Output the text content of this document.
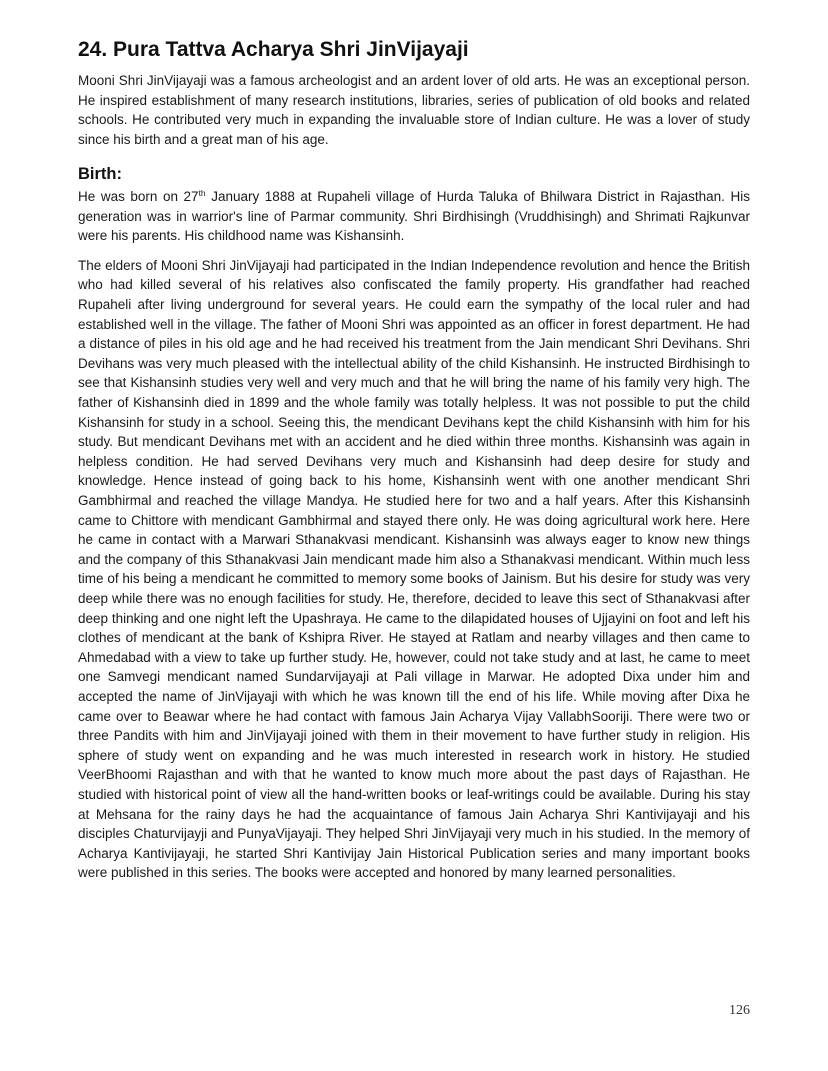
24. Pura Tattva Acharya Shri JinVijayaji

Mooni Shri JinVijayaji was a famous archeologist and an ardent lover of old arts. He was an exceptional person. He inspired establishment of many research institutions, libraries, series of publication of old books and related schools. He contributed very much in expanding the invaluable store of Indian culture. He was a lover of study since his birth and a great man of his age.

Birth:

He was born on 27th January 1888 at Rupaheli village of Hurda Taluka of Bhilwara District in Rajasthan. His generation was in warrior's line of Parmar community. Shri Birdhisingh (Vruddhisingh) and Shrimati Rajkunvar were his parents. His childhood name was Kishansinh.

The elders of Mooni Shri JinVijayaji had participated in the Indian Independence revolution and hence the British who had killed several of his relatives also confiscated the family property. His grandfather had reached Rupaheli after living underground for several years. He could earn the sympathy of the local ruler and had established well in the village. The father of Mooni Shri was appointed as an officer in forest department. He had a distance of piles in his old age and he had received his treatment from the Jain mendicant Shri Devihans. Shri Devihans was very much pleased with the intellectual ability of the child Kishansinh. He instructed Birdhisingh to see that Kishansinh studies very well and very much and that he will bring the name of his family very high. The father of Kishansinh died in 1899 and the whole family was totally helpless. It was not possible to put the child Kishansinh for study in a school. Seeing this, the mendicant Devihans kept the child Kishansinh with him for his study. But mendicant Devihans met with an accident and he died within three months. Kishansinh was again in helpless condition. He had served Devihans very much and Kishansinh had deep desire for study and knowledge. Hence instead of going back to his home, Kishansinh went with one another mendicant Shri Gambhirmal and reached the village Mandya. He studied here for two and a half years. After this Kishansinh came to Chittore with mendicant Gambhirmal and stayed there only. He was doing agricultural work here. Here he came in contact with a Marwari Sthanakvasi mendicant. Kishansinh was always eager to know new things and the company of this Sthanakvasi Jain mendicant made him also a Sthanakvasi mendicant. Within much less time of his being a mendicant he committed to memory some books of Jainism. But his desire for study was very deep while there was no enough facilities for study. He, therefore, decided to leave this sect of Sthanakvasi after deep thinking and one night left the Upashraya. He came to the dilapidated houses of Ujjayini on foot and left his clothes of mendicant at the bank of Kshipra River. He stayed at Ratlam and nearby villages and then came to Ahmedabad with a view to take up further study. He, however, could not take study and at last, he came to meet one Samvegi mendicant named Sundarvijayaji at Pali village in Marwar. He adopted Dixa under him and accepted the name of JinVijayaji with which he was known till the end of his life. While moving after Dixa he came over to Beawar where he had contact with famous Jain Acharya Vijay VallabhSooriji. There were two or three Pandits with him and JinVijayaji joined with them in their movement to have further study in religion. His sphere of study went on expanding and he was much interested in research work in history. He studied VeerBhoomi Rajasthan and with that he wanted to know much more about the past days of Rajasthan. He studied with historical point of view all the hand-written books or leaf-writings could be available. During his stay at Mehsana for the rainy days he had the acquaintance of famous Jain Acharya Shri Kantivijayaji and his disciples Chaturvijayji and PunyaVijayaji. They helped Shri JinVijayaji very much in his studied. In the memory of Acharya Kantivijayaji, he started Shri Kantivijay Jain Historical Publication series and many important books were published in this series. The books were accepted and honored by many learned personalities.

126
